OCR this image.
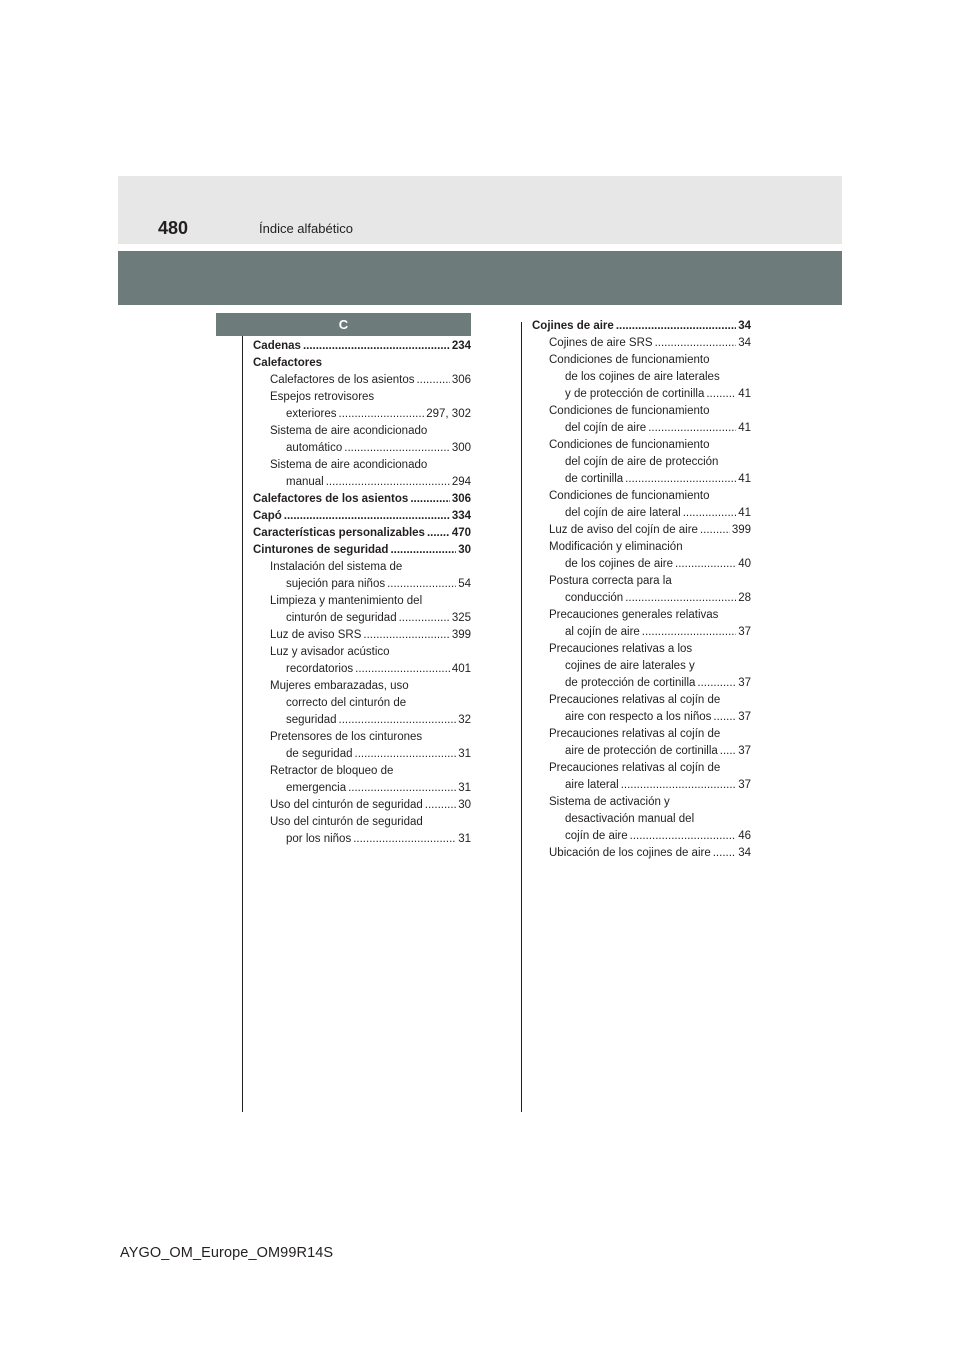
480	Índice alfabético
C
Cadenas .....	234
Calefactores
Calefactores de los asientos .....	306
Espejos retrovisores
exteriores .....	297, 302
Sistema de aire acondicionado
automático .....	300
Sistema de aire acondicionado
manual .....	294
Calefactores de los asientos .....	306
Capó .....	334
Características personalizables ..... 470
Cinturones de seguridad .....	30
Instalación del sistema de
sujeción para niños .....	54
Limpieza y mantenimiento del
cinturón de seguridad .....	325
Luz de aviso SRS .....	399
Luz y avisador acústico
recordatorios .....	401
Mujeres embarazadas, uso
correcto del cinturón de
seguridad .....	32
Pretensores de los cinturones
de seguridad .....	31
Retractor de bloqueo de
emergencia .....	31
Uso del cinturón de seguridad .....	30
Uso del cinturón de seguridad
por los niños .....	31
Cojines de aire .....	34
Cojines de aire SRS .....	34
Condiciones de funcionamiento
de los cojines de aire laterales
y de protección de cortinilla .....	41
Condiciones de funcionamiento
del cojín de aire .....	41
Condiciones de funcionamiento
del cojín de aire de protección
de cortinilla .....	41
Condiciones de funcionamiento
del cojín de aire lateral .....	41
Luz de aviso del cojín de aire .....	399
Modificación y eliminación
de los cojines de aire .....	40
Postura correcta para la
conducción .....	28
Precauciones generales relativas
al cojín de aire .....	37
Precauciones relativas a los
cojines de aire laterales y
de protección de cortinilla .....	37
Precauciones relativas al cojín de
aire con respecto a los niños ..... 37
Precauciones relativas al cojín de
aire de protección de cortinilla ..... 37
Precauciones relativas al cojín de
aire lateral .....	37
Sistema de activación y
desactivación manual del
cojín de aire .....	46
Ubicación de los cojines de aire ..... 34
AYGO_OM_Europe_OM99R14S
